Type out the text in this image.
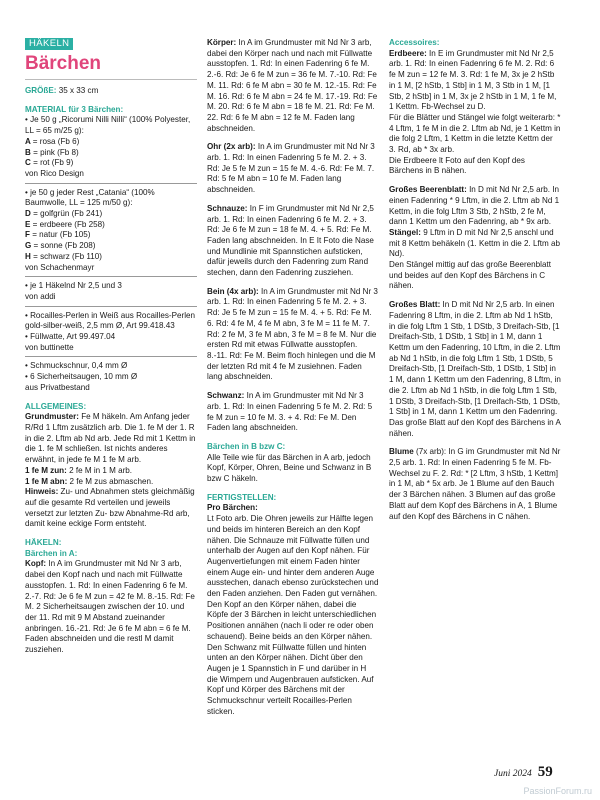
HÄKELN
Bärchen

GRÖßE: 35 x 33 cm

MATERIAL für 3 Bärchen:

• Je 50 g „Ricorumi Nilli Nilli“ (100% Polyester, LL = 65 m/25 g):

A = rosa (Fb 6)

B = pink (Fb 8)

C = rot (Fb 9)

von Rico Design

• je 50 g jeder Rest „Catania“ (100% Baumwolle, LL = 125 m/50 g):

D = golfgrün (Fb 241)

E = erdbeere (Fb 258)

F = natur (Fb 105)

G = sonne (Fb 208)

H = schwarz (Fb 110)

von Schachenmayr

• je 1 Häkelnd Nr 2,5 und 3

von addi

• Rocailles-Perlen in Weiß aus Rocailles-Perlen gold-silber-weiß, 2,5 mm Ø, Art 99.418.43

• Füllwatte, Art 99.497.04

von buttinette

• Schmuckschnur, 0,4 mm Ø

• 6 Sicherheitsaugen, 10 mm Ø

aus Privatbestand

ALLGEMEINES:

Grundmuster: Fe M häkeln. Am Anfang jeder R/Rd 1 Lftm zusätzlich arb. Die 1. fe M der 1. R in die 2. Lftm ab Nd arb. Jede Rd mit 1 Kettm in die 1. fe M schließen. Ist nichts anderes erwähnt, in jede fe M 1 fe M arb.

1 fe M zun: 2 fe M in 1 M arb.

1 fe M abn: 2 fe M zus abmaschen.

Hinweis: Zu- und Abnahmen stets gleichmäßig auf die gesamte Rd verteilen und jeweils versetzt zur letzten Zu- bzw Abnahme-Rd arb, damit keine eckige Form entsteht.

HÄKELN:

Bärchen in A:

Kopf: In A im Grundmuster mit Nd Nr 3 arb, dabei den Kopf nach und nach mit Füllwatte ausstopfen. 1. Rd: In einen Fadenring 6 fe M. 2.-7. Rd: Je 6 fe M zun = 42 fe M. 8.-15. Rd: Fe M. 2 Sicherheitsaugen zwischen der 10. und der 11. Rd mit 9 M Abstand zueinander anbringen. 16.-21. Rd: Je 6 fe M abn = 6 fe M. Faden abschneiden und die restl M damit zusziehen.

Körper: In A im Grundmuster mit Nd Nr 3 arb, dabei den Körper nach und nach mit Füllwatte ausstopfen. 1. Rd: In einen Fadenring 6 fe M. 2.-6. Rd: Je 6 fe M zun = 36 fe M. 7.-10. Rd: Fe M. 11. Rd: 6 fe M abn = 30 fe M. 12.-15. Rd: Fe M. 16. Rd: 6 fe M abn = 24 fe M. 17.-19. Rd: Fe M. 20. Rd: 6 fe M abn = 18 fe M. 21. Rd: Fe M. 22. Rd: 6 fe M abn = 12 fe M. Faden lang abschneiden.

Ohr (2x arb): In A im Grundmuster mit Nd Nr 3 arb. 1. Rd: In einen Fadenring 5 fe M. 2. + 3. Rd: Je 5 fe M zun = 15 fe M. 4.-6. Rd: Fe M. 7. Rd: 5 fe M abn = 10 fe M. Faden lang abschneiden.

Schnauze: In F im Grundmuster mit Nd Nr 2,5 arb. 1. Rd: In einen Fadenring 6 fe M. 2. + 3. Rd: Je 6 fe M zun = 18 fe M. 4. + 5. Rd: Fe M. Faden lang abschneiden. In E It Foto die Nase und Mundlinie mit Spannstichen aufsticken, dafür jeweils durch den Fadenring zum Rand stechen, dann den Fadenring zusziehen.

Bein (4x arb): In A im Grundmuster mit Nd Nr 3 arb. 1. Rd: In einen Fadenring 5 fe M. 2. + 3. Rd: Je 5 fe M zun = 15 fe M. 4. + 5. Rd: Fe M. 6. Rd: 4 fe M, 4 fe M abn, 3 fe M = 11 fe M. 7. Rd: 2 fe M, 3 fe M abn, 3 fe M = 8 fe M. Nur die ersten Rd mit etwas Füllwatte ausstopfen. 8.-11. Rd: Fe M. Beim floch hinlegen und die M der letzten Rd mit 4 fe M zusiehnen. Faden lang abschneiden.

Schwanz: In A im Grundmuster mit Nd Nr 3 arb. 1. Rd: In einen Fadenring 5 fe M. 2. Rd: 5 fe M zun = 10 fe M. 3. + 4. Rd: Fe M. Den Faden lang abschneiden.

Bärchen in B bzw C:

Alle Teile wie für das Bärchen in A arb, jedoch Kopf, Körper, Ohren, Beine und Schwanz in B bzw C häkeln.

FERTIGSTELLEN:

Pro Bärchen:

Lt Foto arb. Die Ohren jeweils zur Hälfte legen und beids im hinteren Bereich an den Kopf nähen. Die Schnauze mit Füllwatte füllen und unterhalb der Augen auf den Kopf nähen. Für Augenvertiefungen mit einem Faden hinter einem Auge ein- und hinter dem anderen Auge ausstechen, danach ebenso zurückstechen und den Faden anziehen. Den Faden gut vernähen. Den Kopf an den Körper nähen, dabei die Köpfe der 3 Bärchen in leicht unterschiedlichen Positionen annähen (nach li oder re oder oben schauend). Beine beids an den Körper nähen. Den Schwanz mit Füllwatte füllen und hinten unten an den Körper nähen. Dicht über den Augen je 1 Spannstich in F und darüber in H die Wimpern und Augenbrauen aufsticken. Auf Kopf und Körper des Bärchens mit der Schmuckschnur verteilt Rocailles-Perlen sticken.

Accessoires:

Erdbeere: In E im Grundmuster mit Nd Nr 2,5 arb. 1. Rd: In einen Fadenring 6 fe M. 2. Rd: 6 fe M zun = 12 fe M. 3. Rd: 1 fe M, 3x je 2 hStb in 1 M, [2 hStb, 1 Stb] in 1 M, 3 Stb in 1 M, [1 Stb, 2 hStb] in 1 M, 3x je 2 hStb in 1 M, 1 fe M, 1 Kettm. Fb-Wechsel zu D.

Für die Blätter und Stängel wie folgt weiterarb: * 4 Lftm, 1 fe M in die 2. Lftm ab Nd, je 1 Kettm in die folg 2 Lftm, 1 Kettm in die letzte Kettm der 3. Rd, ab * 3x arb.

Die Erdbeere lt Foto auf den Kopf des Bärchens in B nähen.

Großes Beerenblatt: In D mit Nd Nr 2,5 arb. In einen Fadenring * 9 Lftm, in die 2. Lftm ab Nd 1 Kettm, in die folg Lftm 3 Stb, 2 hStb, 2 fe M, dann 1 Kettm um den Fadenring, ab * 9x arb.

Stängel: 9 Lftm in D mit Nd Nr 2,5 anschl und mit 8 Kettm behäkeln (1. Kettm in die 2. Lftm ab Nd).

Den Stängel mittig auf das große Beerenblatt und beides auf den Kopf des Bärchens in C nähen.

Großes Blatt: In D mit Nd Nr 2,5 arb. In einen Fadenring 8 Lftm, in die 2. Lftm ab Nd 1 hStb, in die folg Lftm 1 Stb, 1 DStb, 3 Dreifach-Stb, [1 Dreifach-Stb, 1 DStb, 1 Stb] in 1 M, dann 1 Kettm um den Fadenring, 10 Lftm, in die 2. Lftm ab Nd 1 hStb, in die folg Lftm 1 Stb, 1 DStb, 5 Dreifach-Stb, [1 Dreifach-Stb, 1 DStb, 1 Stb] in 1 M, dann 1 Kettm um den Fadenring, 8 Lftm, in die 2. Lftm ab Nd 1 hStb, in die folg Lftm 1 Stb, 1 DStb, 3 Dreifach-Stb, [1 Dreifach-Stb, 1 DStb, 1 Stb] in 1 M, dann 1 Kettm um den Fadenring. Das große Blatt auf den Kopf des Bärchens in A nähen.

Blume (7x arb): In G im Grundmuster mit Nd Nr 2,5 arb. 1. Rd: In einen Fadenring 5 fe M. Fb-Wechsel zu F. 2. Rd: * [2 Lftm, 3 hStb, 1 Kettm] in 1 M, ab * 5x arb. Je 1 Blume auf den Bauch der 3 Bärchen nähen. 3 Blumen auf das große Blatt auf dem Kopf des Bärchens in A, 1 Blume auf den Kopf des Bärchens in C nähen.

Juni 2024 59
PassionForum.ru
